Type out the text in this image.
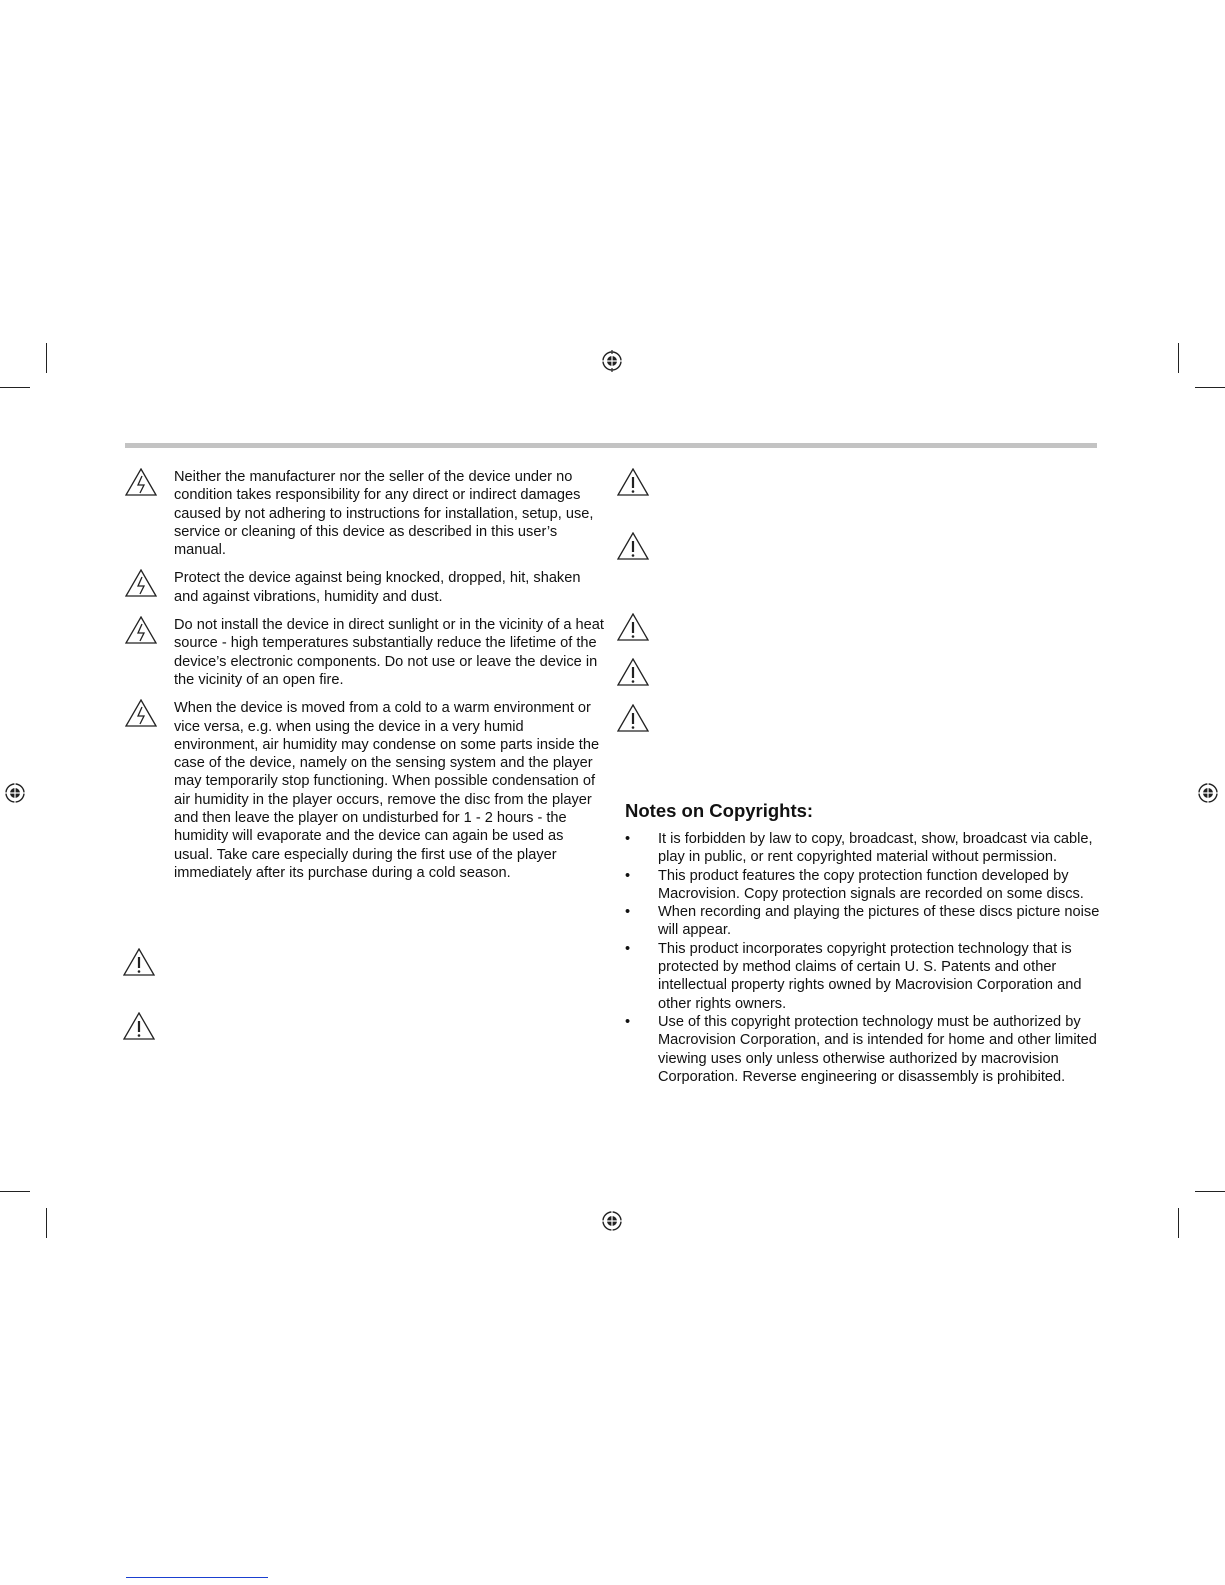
Neither the manufacturer nor the seller of the device under no condition takes responsibility for any direct or indirect damages caused by not adhering to instructions for installation, setup, use, service or cleaning of this device as described in this user’s manual.
Protect the device against being knocked, dropped, hit, shaken and against vibrations, humidity and dust.
Do not install the device in direct sunlight or in the vicinity of a heat source - high temperatures substantially reduce the lifetime of the device’s electronic components. Do not use or leave the device in the vicinity of an open fire.
When the device is moved from a cold to a warm environment or vice versa, e.g. when using the device in a very humid environment, air humidity may condense on some parts inside the case of the device, namely on the sensing system and the player may temporarily stop functioning. When possible condensation of air humidity in the player occurs, remove the disc from the player and then leave the player on undisturbed for 1 - 2 hours - the humidity will evaporate and the device can again be used as usual. Take care especially during the first use of the player immediately after its purchase during a cold season.
Notes on Copyrights:
• It is forbidden by law to copy, broadcast, show, broadcast via cable, play in public, or rent copyrighted material without permission.
• This product features the copy protection function developed by Macrovision. Copy protection signals are recorded on some discs.
• When recording and playing the pictures of these discs picture noise will appear.
• This product incorporates copyright protection technology that is protected by method claims of certain U. S. Patents and other intellectual property rights owned by Macrovision Corporation and other rights owners.
• Use of this copyright protection technology must be authorized by Macrovision Corporation, and is intended for home and other limited viewing uses only unless otherwise authorized by macrovision Corporation. Reverse engineering or disassembly is prohibited.
